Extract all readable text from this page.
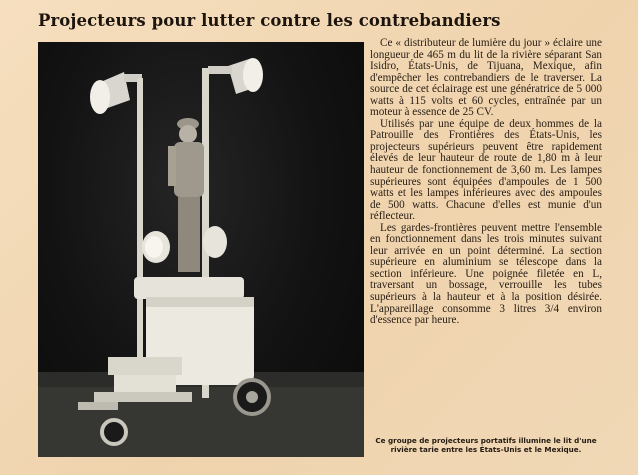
Projecteurs pour lutter contre les contrebandiers

Ce « distributeur de lumière du jour » éclaire une longueur de 465 m du lit de la rivière séparant San Isidro, États-Unis, de Tijuana, Mexique, afin d'empêcher les contrebandiers de le traverser. La source de cet éclairage est une génératrice de 5 000 watts à 115 volts et 60 cycles, entraînée par un moteur à essence de 25 CV.

Utilisés par une équipe de deux hommes de la Patrouille des Frontières des États-Unis, les projecteurs supérieurs peuvent être rapidement élevés de leur hauteur de route de 1,80 m à leur hauteur de fonctionnement de 3,60 m. Les lampes supérieures sont équipées d'ampoules de 1 500 watts et les lampes inférieures avec des ampoules de 500 watts. Chacune d'elles est munie d'un réflecteur.

Les gardes-frontières peuvent mettre l'ensemble en fonctionnement dans les trois minutes suivant leur arrivée en un point déterminé. La section supérieure en aluminium se télescope dans la section inférieure. Une poignée filetée en L, traversant un bossage, verrouille les tubes supérieurs à la hauteur et à la position désirée. L'appareillage consomme 3 litres 3/4 environ d'essence par heure.

Ce groupe de projecteurs portatifs illumine le lit d'une rivière tarie entre les États-Unis et le Mexique.
